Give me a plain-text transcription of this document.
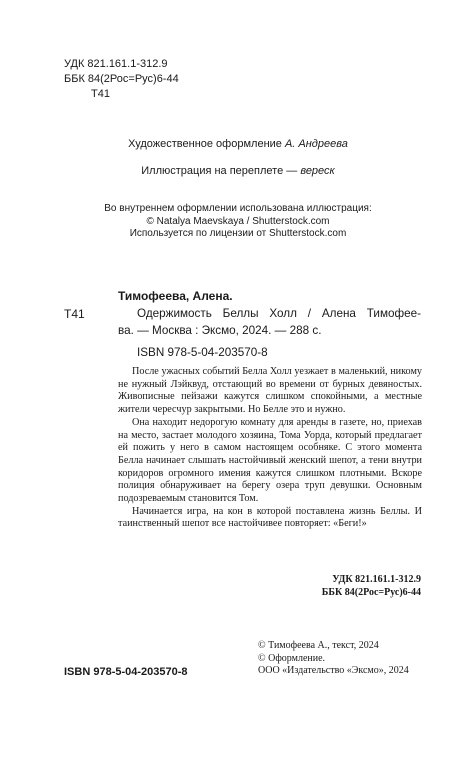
УДК 821.161.1-312.9
ББК 84(2Рос=Рус)6-44
Т41
Художественное оформление А. Андреева
Иллюстрация на переплете — вереск
Во внутреннем оформлении использована иллюстрация:
© Natalya Maevskaya / Shutterstock.com
Используется по лицензии от Shutterstock.com
Тимофеева, Алена.
Т41	Одержимость Беллы Холл / Алена Тимофее-
ва. — Москва : Эксмо, 2024. — 288 с.
ISBN 978-5-04-203570-8

После ужасных событий Белла Холл уезжает в маленький, никому не нужный Лэйквуд, отстающий во времени от бурных девяностых. Живописные пейзажи кажутся слишком спокойными, а местные жители чересчур закрытыми. Но Белле это и нужно.

Она находит недорогую комнату для аренды в газете, но, приехав на место, застает молодого хозяина, Тома Уорда, который предлагает ей пожить у него в самом настоящем особняке. С этого момента Белла начинает слышать настойчивый женский шепот, а тени внутри коридоров огромного имения кажутся слишком плотными. Вскоре полиция обнаруживает на берегу озера труп девушки. Основным подозреваемым становится Том.

Начинается игра, на кон в которой поставлена жизнь Беллы. И таинственный шепот все настойчивее повторяет: «Беги!»

УДК 821.161.1-312.9
ББК 84(2Рос=Рус)6-44
© Тимофеева А., текст, 2024
© Оформление.
ООО «Издательство «Эксмо», 2024
ISBN 978-5-04-203570-8
